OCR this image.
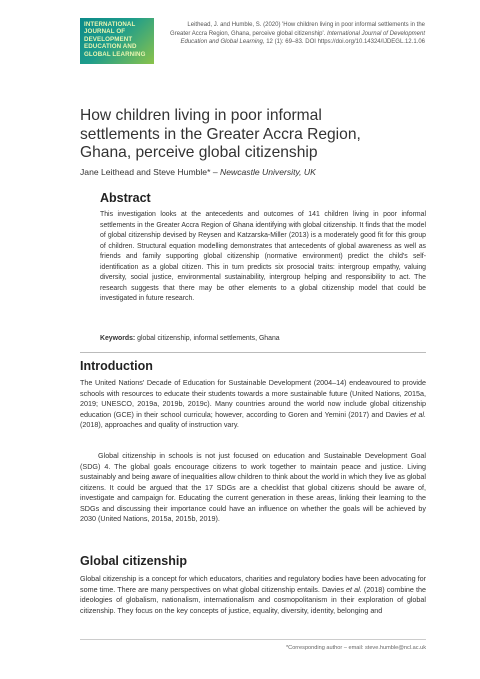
INTERNATIONAL
JOURNAL OF
DEVELOPMENT
EDUCATION AND
GLOBAL LEARNING
Leithead, J. and Humble, S. (2020) 'How children living in poor informal settlements in the Greater Accra Region, Ghana, perceive global citizenship'. International Journal of Development Education and Global Learning, 12 (1): 69–83. DOI https://doi.org/10.14324/IJDEGL.12.1.06
How children living in poor informal settlements in the Greater Accra Region, Ghana, perceive global citizenship
Jane Leithead and Steve Humble* – Newcastle University, UK
Abstract

This investigation looks at the antecedents and outcomes of 141 children living in poor informal settlements in the Greater Accra Region of Ghana identifying with global citizenship. It finds that the model of global citizenship devised by Reysen and Katzarska-Miller (2013) is a moderately good fit for this group of children. Structural equation modelling demonstrates that antecedents of global awareness as well as friends and family supporting global citizenship (normative environment) predict the child's self-identification as a global citizen. This in turn predicts six prosocial traits: intergroup empathy, valuing diversity, social justice, environmental sustainability, intergroup helping and responsibility to act. The research suggests that there may be other elements to a global citizenship model that could be investigated in future research.

Keywords: global citizenship, informal settlements, Ghana

Introduction

The United Nations' Decade of Education for Sustainable Development (2004–14) endeavoured to provide schools with resources to educate their students towards a more sustainable future (United Nations, 2015a, 2019; UNESCO, 2019a, 2019b, 2019c). Many countries around the world now include global citizenship education (GCE) in their school curricula; however, according to Goren and Yemini (2017) and Davies et al. (2018), approaches and quality of instruction vary.

Global citizenship in schools is not just focused on education and Sustainable Development Goal (SDG) 4. The global goals encourage citizens to work together to maintain peace and justice. Living sustainably and being aware of inequalities allow children to think about the world in which they live as global citizens. It could be argued that the 17 SDGs are a checklist that global citizens should be aware of, investigate and campaign for. Educating the current generation in these areas, linking their learning to the SDGs and discussing their importance could have an influence on whether the goals will be achieved by 2030 (United Nations, 2015a, 2015b, 2019).

Global citizenship

Global citizenship is a concept for which educators, charities and regulatory bodies have been advocating for some time. There are many perspectives on what global citizenship entails. Davies et al. (2018) combine the ideologies of globalism, nationalism, internationalism and cosmopolitanism in their exploration of global citizenship. They focus on the key concepts of justice, equality, diversity, identity, belonging and

*Corresponding author – email: steve.humble@ncl.ac.uk
